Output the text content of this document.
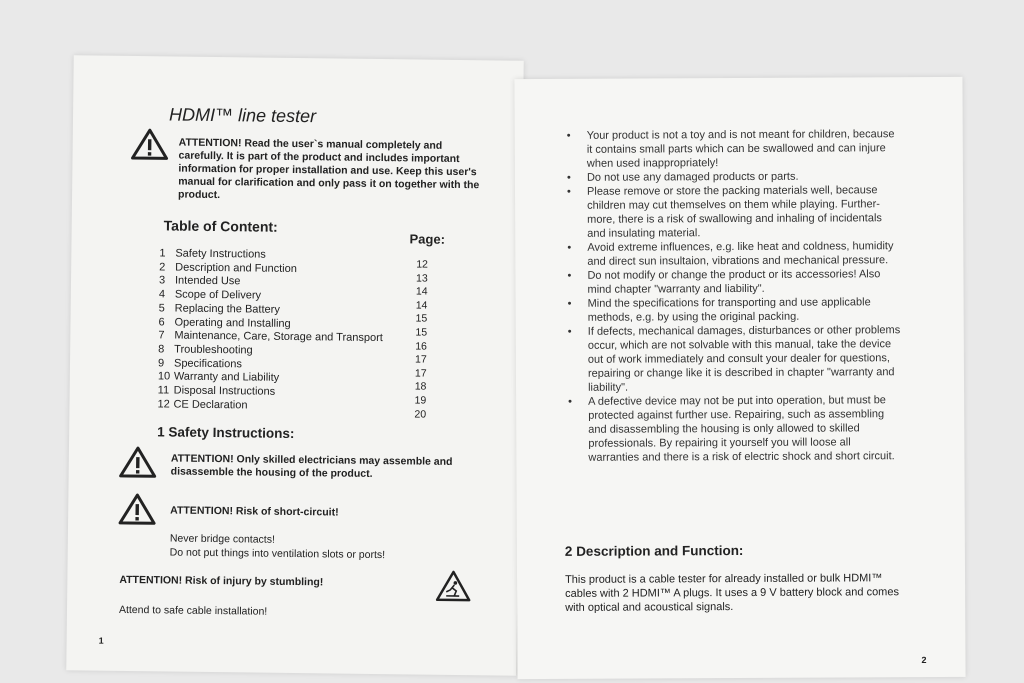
HDMI™ line tester
ATTENTION! Read the user`s manual completely and carefully. It is part of the product and includes important information for proper installation and use. Keep this user's manual for clarification and only pass it on together with the product.
Table of Content:
Page:
1 Safety Instructions
2 Description and Function
3 Intended Use
4 Scope of Delivery
5 Replacing the Battery
6 Operating and Installing
7 Maintenance, Care, Storage and Transport
8 Troubleshooting
9 Specifications
10 Warranty and Liability
11 Disposal Instructions
12 CE Declaration
12
13
14
14
15
15
16
17
17
18
19
20
1 Safety Instructions:
ATTENTION! Only skilled electricians may assemble and disassemble the housing of the product.
ATTENTION! Risk of short-circuit!
Never bridge contacts!
Do not put things into ventilation slots or ports!
ATTENTION! Risk of injury by stumbling!
Attend to safe cable installation!
1
• Your product is not a toy and is not meant for children, because it contains small parts which can be swallowed and can injure when used inappropriately!
• Do not use any damaged products or parts.
• Please remove or store the packing materials well, because children may cut themselves on them while playing. Further-more, there is a risk of swallowing and inhaling of incidentals and insulating material.
• Avoid extreme influences, e.g. like heat and coldness, humidity and direct sun insultaion, vibrations and mechanical pressure.
• Do not modify or change the product or its accessories! Also mind chapter "warranty and liability".
• Mind the specifications for transporting and use applicable methods, e.g. by using the original packing.
• If defects, mechanical damages, disturbances or other problems occur, which are not solvable with this manual, take the device out of work immediately and consult your dealer for questions, repairing or change like it is described in chapter "warranty and liability".
• A defective device may not be put into operation, but must be protected against further use. Repairing, such as assembling and disassembling the housing is only allowed to skilled professionals. By repairing it yourself you will loose all warranties and there is a risk of electric shock and short circuit.
2 Description and Function:
This product is a cable tester for already installed or bulk HDMI™ cables with 2 HDMI™ A plugs. It uses a 9 V battery block and comes with optical and acoustical signals.
2
